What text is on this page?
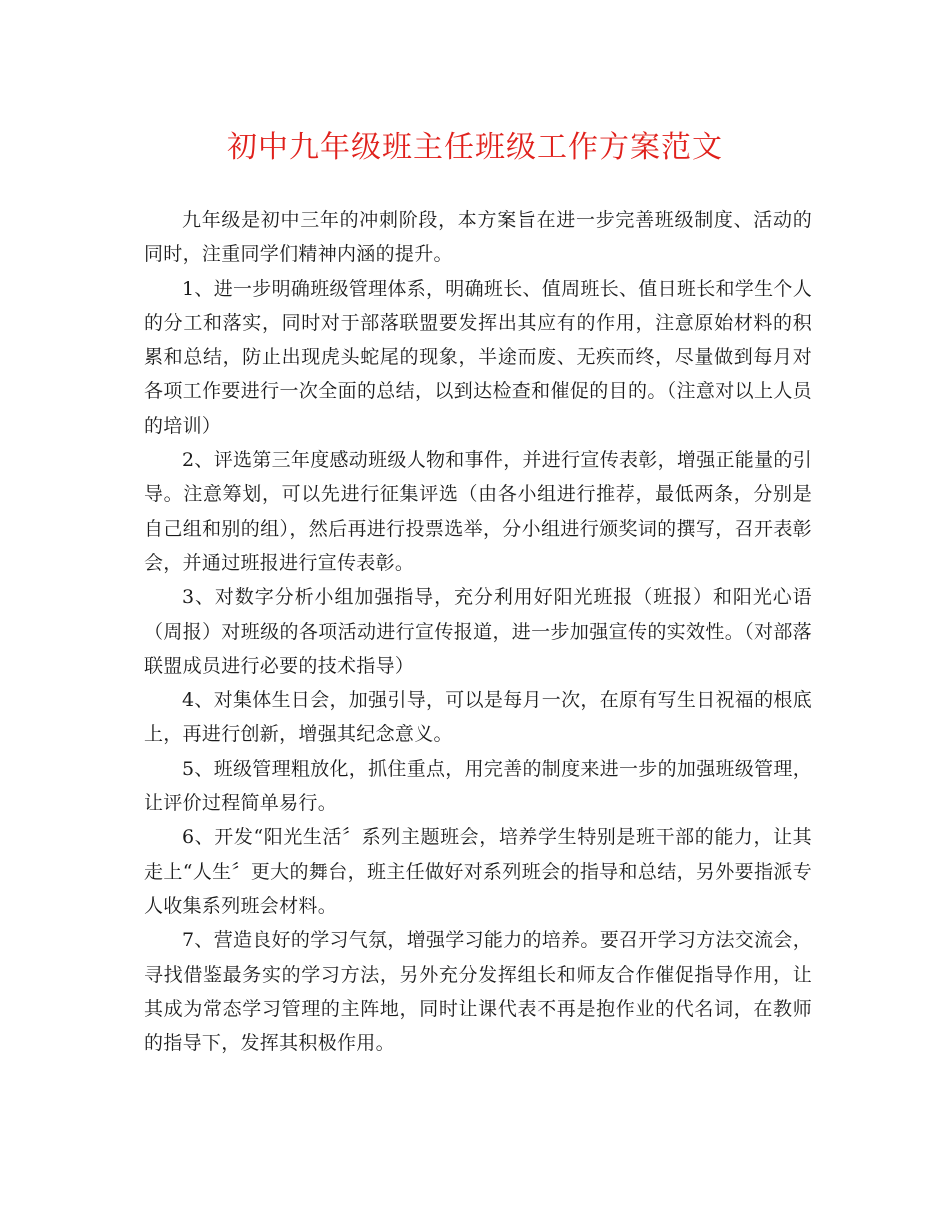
初中九年级班主任班级工作方案范文

九年级是初中三年的冲刺阶段，本方案旨在进一步完善班级制度、活动的同时，注重同学们精神内涵的提升。

1、进一步明确班级管理体系，明确班长、值周班长、值日班长和学生个人的分工和落实，同时对于部落联盟要发挥出其应有的作用，注意原始材料的积累和总结，防止出现虎头蛇尾的现象，半途而废、无疾而终，尽量做到每月对各项工作要进行一次全面的总结，以到达检查和催促的目的。（注意对以上人员的培训）

2、评选第三年度感动班级人物和事件，并进行宣传表彰，增强正能量的引导。注意筹划，可以先进行征集评选（由各小组进行推荐，最低两条，分别是自己组和别的组），然后再进行投票选举，分小组进行颁奖词的撰写，召开表彰会，并通过班报进行宣传表彰。

3、对数字分析小组加强指导，充分利用好阳光班报（班报）和阳光心语（周报）对班级的各项活动进行宣传报道，进一步加强宣传的实效性。（对部落联盟成员进行必要的技术指导）

4、对集体生日会，加强引导，可以是每月一次，在原有写生日祝福的根底上，再进行创新，增强其纪念意义。

5、班级管理粗放化，抓住重点，用完善的制度来进一步的加强班级管理，让评价过程简单易行。

6、开发“阳光生活〞系列主题班会，培养学生特别是班干部的能力，让其走上“人生〞更大的舞台，班主任做好对系列班会的指导和总结，另外要指派专人收集系列班会材料。

7、营造良好的学习气氛，增强学习能力的培养。要召开学习方法交流会，寻找借鉴最务实的学习方法，另外充分发挥组长和师友合作催促指导作用，让其成为常态学习管理的主阵地，同时让课代表不再是抱作业的代名词，在教师的指导下，发挥其积极作用。
